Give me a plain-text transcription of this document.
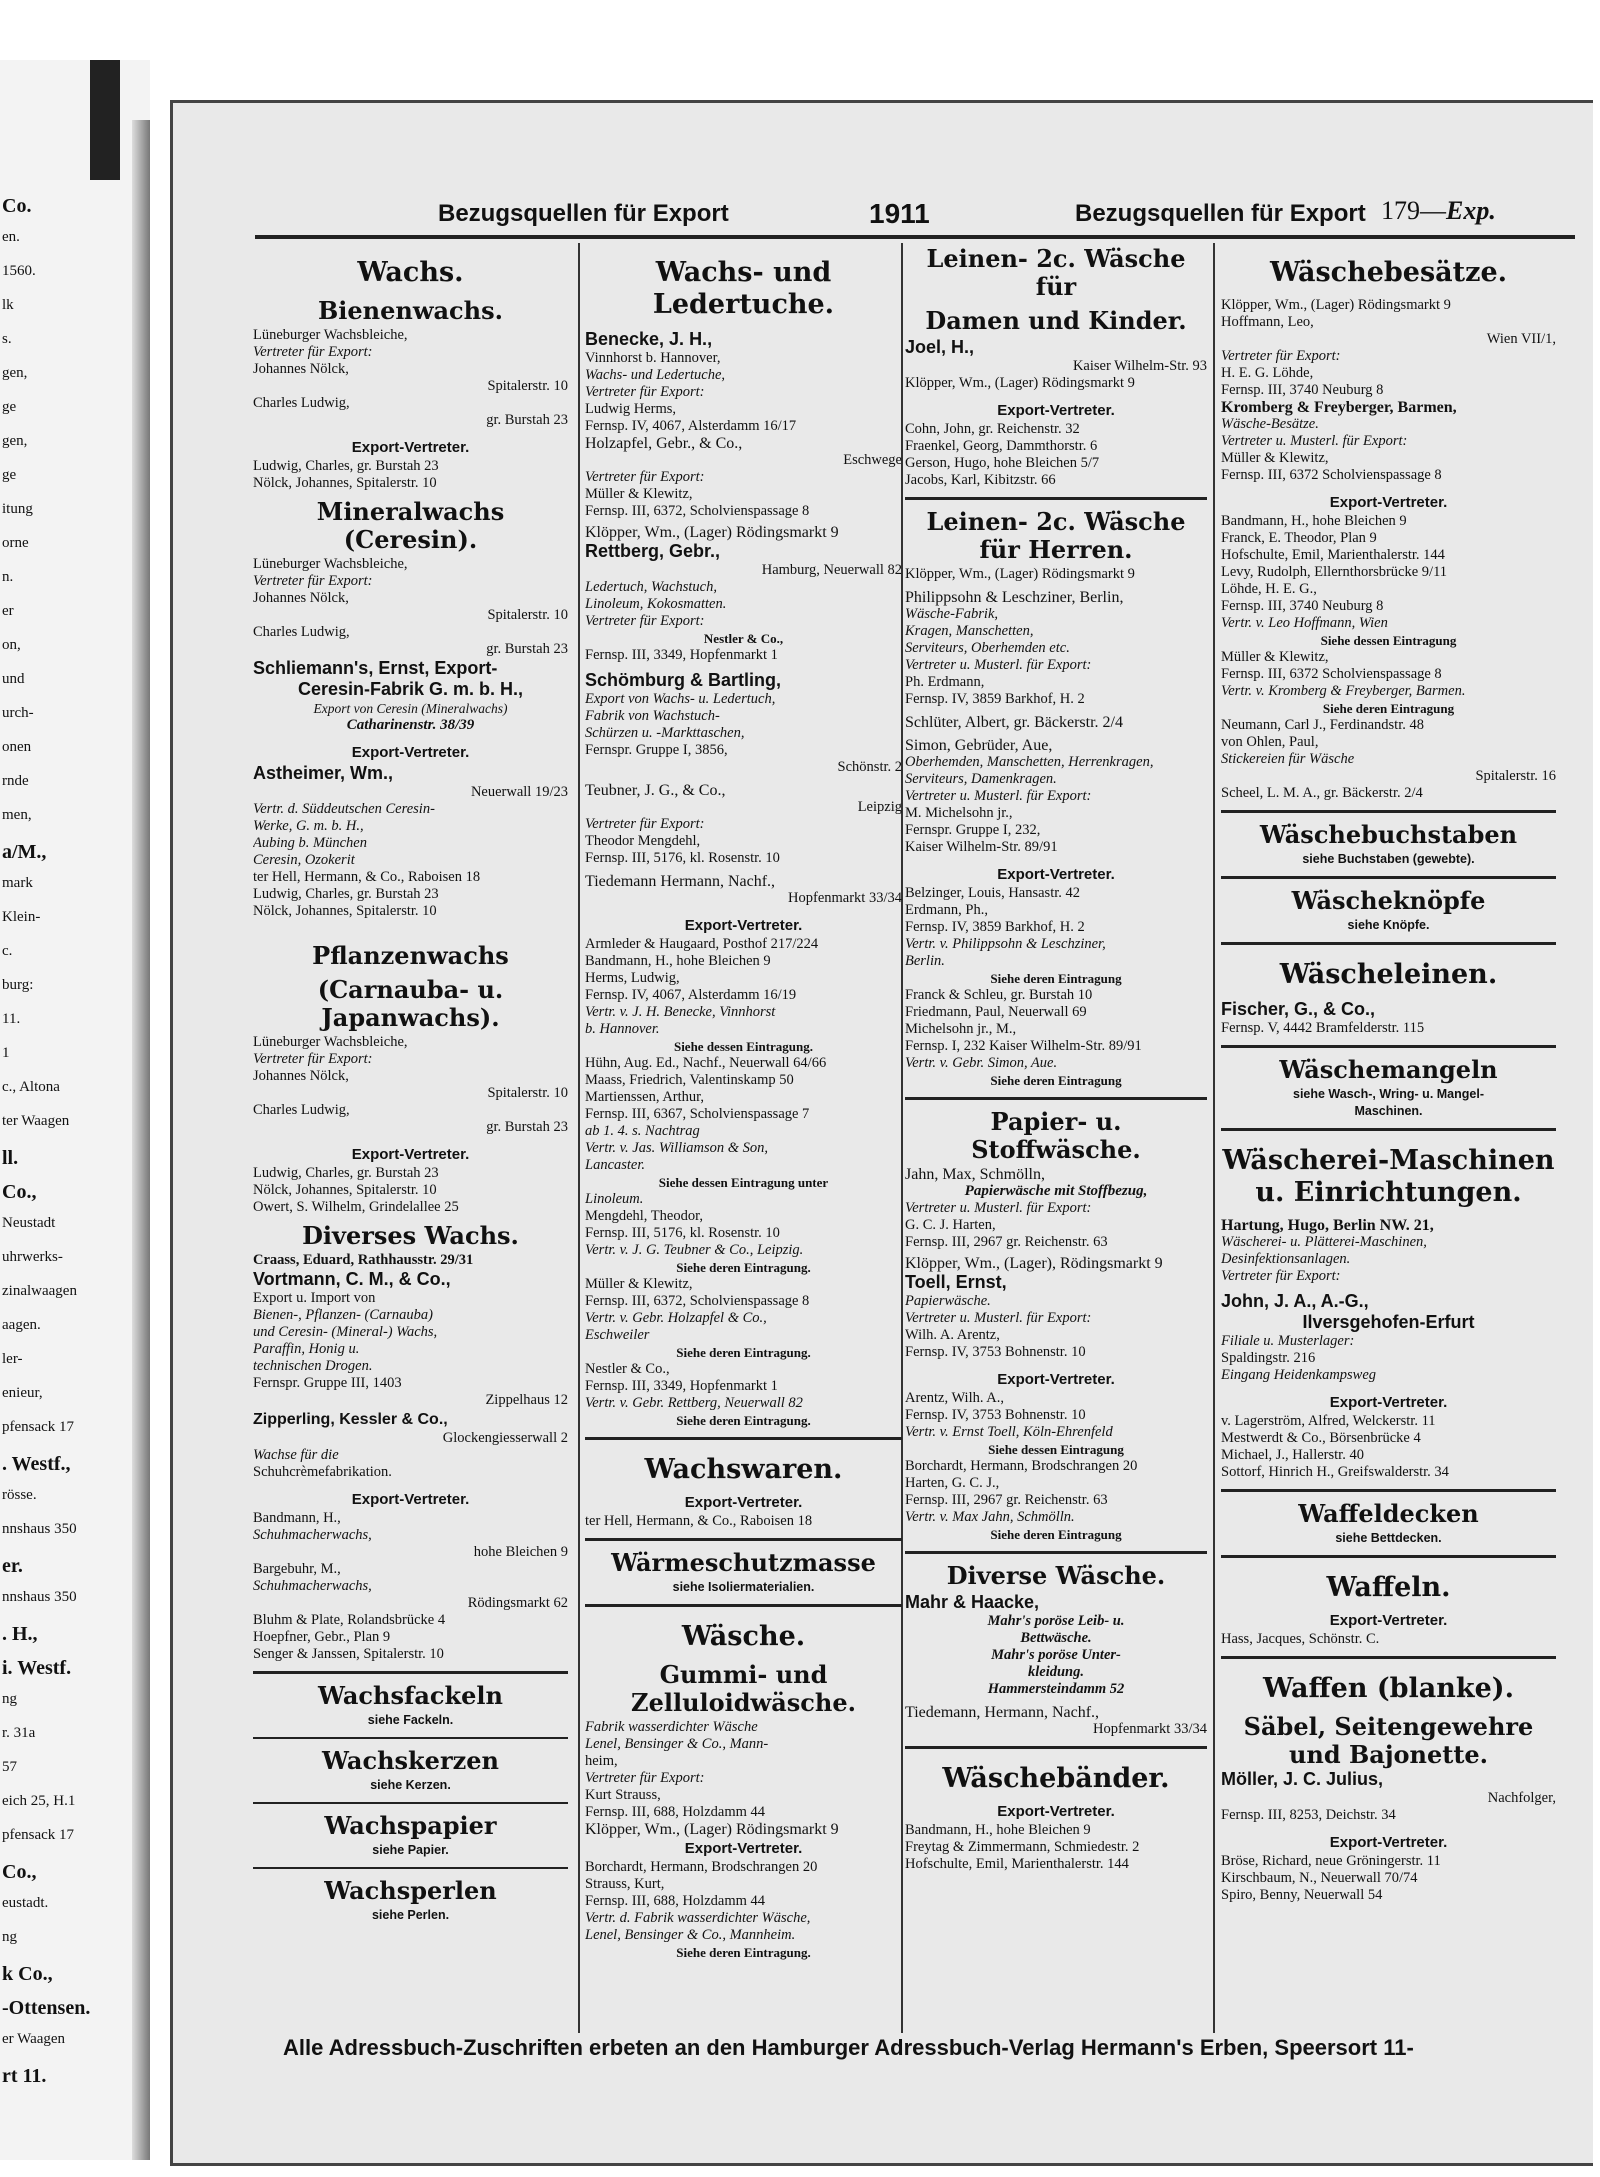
Co.
en.
1560.
lk
s.
gen,
ge
gen,
ge
itung
orne
n.
er
on,
und
urch-
onen
rnde
men,
a/M.,
mark
Klein-
c.
burg:
11.
1
c., Altona
ter Waagen
ll.
Co.,
Neustadt
uhrwerks-
zinalwaagen
aagen.
ler-
enieur,
pfensack 17
. Westf.,
rösse.
nnshaus 350
er.
nnshaus 350
. H.,
i. Westf.
ng
r. 31a
57
eich 25, H.1
pfensack 17
Co.,
eustadt.
ng
k Co.,
-Ottensen.
er Waagen
rt 11.
Bezugsquellen für Export	1911	Bezugsquellen für Export 179—Exp.
Wachs.
Bienenwachs.
Lüneburger Wachsbleiche,
Vertreter für Export:
Johannes Nölck,
Spitalerstr. 10
Charles Ludwig,
gr. Burstah 23
Export-Vertreter.
Ludwig, Charles, gr. Burstah 23
Nölck, Johannes, Spitalerstr. 10
Mineralwachs (Ceresin).
Lüneburger Wachsbleiche,
Vertreter für Export:
Johannes Nölck,
Spitalerstr. 10
Charles Ludwig,
gr. Burstah 23
Schliemann's, Ernst, Export-
Ceresin-Fabrik G. m. b. H.,
Export von Ceresin (Mineralwachs)
Catharinenstr. 38/39
Export-Vertreter.
Astheimer, Wm.,
Neuerwall 19/23
Vertr. d. Süddeutschen Ceresin-
Werke, G. m. b. H.,
Aubing b. München
Ceresin, Ozokerit
ter Hell, Hermann, & Co., Raboisen 18
Ludwig, Charles, gr. Burstah 23
Nölck, Johannes, Spitalerstr. 10
Pflanzenwachs
(Carnauba- u. Japanwachs).
Lüneburger Wachsbleiche,
Vertreter für Export:
Johannes Nölck,
Spitalerstr. 10
Charles Ludwig,
gr. Burstah 23
Export-Vertreter.
Ludwig, Charles, gr. Burstah 23
Nölck, Johannes, Spitalerstr. 10
Owert, S. Wilhelm, Grindelallee 25
Diverses Wachs.
Craass, Eduard, Rathhausstr. 29/31
Vortmann, C. M., & Co.,
Export u. Import von
Bienen-, Pflanzen- (Carnauba)
und Ceresin- (Mineral-) Wachs,
Paraffin, Honig u.
technischen Drogen.
Fernspr. Gruppe III, 1403
Zippelhaus 12
Zipperling, Kessler & Co.,
Glockengiesserwall 2
Wachse für die
Schuhcrèmefabrikation.
Export-Vertreter.
Bandmann, H.,
Schuhmacherwachs,
hohe Bleichen 9
Bargebuhr, M.,
Schuhmacherwachs,
Rödingsmarkt 62
Bluhm & Plate, Rolandsbrücke 4
Hoepfner, Gebr., Plan 9
Senger & Janssen, Spitalerstr. 10
Wachsfackeln
siehe Fackeln.
Wachskerzen
siehe Kerzen.
Wachspapier
siehe Papier.
Wachsperlen
siehe Perlen.
Wachs- und Ledertuche.
Benecke, J. H.,
Vinnhorst b. Hannover,
Wachs- und Ledertuche,
Vertreter für Export:
Ludwig Herms,
Fernsp. IV, 4067, Alsterdamm 16/17
Holzapfel, Gebr., & Co.,
Eschwege
Vertreter für Export:
Müller & Klewitz,
Fernsp. III, 6372, Scholvienspassage 8
Klöpper, Wm., (Lager) Rödingsmarkt 9
Rettberg, Gebr.,
Hamburg, Neuerwall 82
Ledertuch, Wachstuch,
Linoleum, Kokosmatten.
Vertreter für Export:
Nestler & Co.,
Fernsp. III, 3349, Hopfenmarkt 1
Schömburg & Bartling,
Export von Wachs- u. Ledertuch,
Fabrik von Wachstuch-
Schürzen u. -Markttaschen,
Fernspr. Gruppe I, 3856,
Schönstr. 2
Teubner, J. G., & Co.,
Leipzig
Vertreter für Export:
Theodor Mengdehl,
Fernsp. III, 5176, kl. Rosenstr. 10
Tiedemann Hermann, Nachf.,
Hopfenmarkt 33/34
Export-Vertreter.
Armleder & Haugaard, Posthof 217/224
Bandmann, H., hohe Bleichen 9
Herms, Ludwig,
Fernsp. IV, 4067, Alsterdamm 16/19
Vertr. v. J. H. Benecke, Vinnhorst
b. Hannover.
Siehe dessen Eintragung.
Hühn, Aug. Ed., Nachf., Neuerwall 64/66
Maass, Friedrich, Valentinskamp 50
Martienssen, Arthur,
Fernsp. III, 6367, Scholvienspassage 7
ab 1. 4. s. Nachtrag
Vertr. v. Jas. Williamson & Son,
Lancaster.
Siehe dessen Eintragung unter
Linoleum.
Mengdehl, Theodor,
Fernsp. III, 5176, kl. Rosenstr. 10
Vertr. v. J. G. Teubner & Co., Leipzig.
Siehe deren Eintragung.
Müller & Klewitz,
Fernsp. III, 6372, Scholvienspassage 8
Vertr. v. Gebr. Holzapfel & Co.,
Eschweiler
Siehe deren Eintragung.
Nestler & Co.,
Fernsp. III, 3349, Hopfenmarkt 1
Vertr. v. Gebr. Rettberg, Neuerwall 82
Siehe deren Eintragung.
Wachswaren.
Export-Vertreter.
ter Hell, Hermann, & Co., Raboisen 18
Wärmeschutzmasse
siehe Isoliermaterialien.
Wäsche.
Gummi- und Zelluloidwäsche.
Fabrik wasserdichter Wäsche
Lenel, Bensinger & Co., Mann-
heim,
Vertreter für Export:
Kurt Strauss,
Fernsp. III, 688, Holzdamm 44
Klöpper, Wm., (Lager) Rödingsmarkt 9
Export-Vertreter.
Borchardt, Hermann, Brodschrangen 20
Strauss, Kurt,
Fernsp. III, 688, Holzdamm 44
Vertr. d. Fabrik wasserdichter Wäsche,
Lenel, Bensinger & Co., Mannheim.
Siehe deren Eintragung.
Leinen- 2c. Wäsche für
Damen und Kinder.
Joel, H.,
Kaiser Wilhelm-Str. 93
Klöpper, Wm., (Lager) Rödingsmarkt 9
Export-Vertreter.
Cohn, John, gr. Reichenstr. 32
Fraenkel, Georg, Dammthorstr. 6
Gerson, Hugo, hohe Bleichen 5/7
Jacobs, Karl, Kibitzstr. 66
Leinen- 2c. Wäsche für Herren.
Klöpper, Wm., (Lager) Rödingsmarkt 9
Philippsohn & Leschziner, Berlin,
Wäsche-Fabrik,
Kragen, Manschetten,
Serviteurs, Oberhemden etc.
Vertreter u. Musterl. für Export:
Ph. Erdmann,
Fernsp. IV, 3859 Barkhof, H. 2
Schlüter, Albert, gr. Bäckerstr. 2/4
Simon, Gebrüder, Aue,
Oberhemden, Manschetten, Herrenkragen,
Serviteurs, Damenkragen.
Vertreter u. Musterl. für Export:
M. Michelsohn jr.,
Fernspr. Gruppe I, 232,
Kaiser Wilhelm-Str. 89/91
Export-Vertreter.
Belzinger, Louis, Hansastr. 42
Erdmann, Ph.,
Fernsp. IV, 3859 Barkhof, H. 2
Vertr. v. Philippsohn & Leschziner,
Berlin.
Siehe deren Eintragung
Franck & Schleu, gr. Burstah 10
Friedmann, Paul, Neuerwall 69
Michelsohn jr., M.,
Fernsp. I, 232 Kaiser Wilhelm-Str. 89/91
Vertr. v. Gebr. Simon, Aue.
Siehe deren Eintragung
Papier- u. Stoffwäsche.
Jahn, Max, Schmölln,
Papierwäsche mit Stoffbezug,
Vertreter u. Musterl. für Export:
G. C. J. Harten,
Fernsp. III, 2967 gr. Reichenstr. 63
Klöpper, Wm., (Lager), Rödingsmarkt 9
Toell, Ernst,
Papierwäsche.
Vertreter u. Musterl. für Export:
Wilh. A. Arentz,
Fernsp. IV, 3753 Bohnenstr. 10
Export-Vertreter.
Arentz, Wilh. A.,
Fernsp. IV, 3753 Bohnenstr. 10
Vertr. v. Ernst Toell, Köln-Ehrenfeld
Siehe dessen Eintragung
Borchardt, Hermann, Brodschrangen 20
Harten, G. C. J.,
Fernsp. III, 2967 gr. Reichenstr. 63
Vertr. v. Max Jahn, Schmölln.
Siehe deren Eintragung
Diverse Wäsche.
Mahr & Haacke,
Mahr's poröse Leib- u.
Bettwäsche.
Mahr's poröse Unter-
kleidung.
Hammersteindamm 52
Tiedemann, Hermann, Nachf.,
Hopfenmarkt 33/34
Wäschebänder.
Export-Vertreter.
Bandmann, H., hohe Bleichen 9
Freytag & Zimmermann, Schmiedestr. 2
Hofschulte, Emil, Marienthalerstr. 144
Wäschebesätze.
Klöpper, Wm., (Lager) Rödingsmarkt 9
Hoffmann, Leo,
Wien VII/1,
Vertreter für Export:
H. E. G. Löhde,
Fernsp. III, 3740 Neuburg 8
Kromberg & Freyberger, Barmen,
Wäsche-Besätze.
Vertreter u. Musterl. für Export:
Müller & Klewitz,
Fernsp. III, 6372 Scholvienspassage 8
Export-Vertreter.
Bandmann, H., hohe Bleichen 9
Franck, E. Theodor, Plan 9
Hofschulte, Emil, Marienthalerstr. 144
Levy, Rudolph, Ellernthorsbrücke 9/11
Löhde, H. E. G.,
Fernsp. III, 3740 Neuburg 8
Vertr. v. Leo Hoffmann, Wien
Siehe dessen Eintragung
Müller & Klewitz,
Fernsp. III, 6372 Scholvienspassage 8
Vertr. v. Kromberg & Freyberger, Barmen.
Siehe deren Eintragung
Neumann, Carl J., Ferdinandstr. 48
von Ohlen, Paul,
Stickereien für Wäsche
Spitalerstr. 16
Scheel, L. M. A., gr. Bäckerstr. 2/4
Wäschebuchstaben
siehe Buchstaben (gewebte).
Wäscheknöpfe
siehe Knöpfe.
Wäscheleinen.
Fischer, G., & Co.,
Fernsp. V, 4442 Bramfelderstr. 115
Wäschemangeln
siehe Wasch-, Wring- u. Mangel-
Maschinen.
Wäscherei-Maschinen
u. Einrichtungen.
Hartung, Hugo, Berlin NW. 21,
Wäscherei- u. Plätterei-Maschinen,
Desinfektionsanlagen.
Vertreter für Export:
John, J. A., A.-G.,
Ilversgehofen-Erfurt
Filiale u. Musterlager:
Spaldingstr. 216
Eingang Heidenkampsweg
Export-Vertreter.
v. Lagerström, Alfred, Welckerstr. 11
Mestwerdt & Co., Börsenbrücke 4
Michael, J., Hallerstr. 40
Sottorf, Hinrich H., Greifswalderstr. 34
Waffeldecken
siehe Bettdecken.
Waffeln.
Export-Vertreter.
Hass, Jacques, Schönstr. C.
Waffen (blanke).
Säbel, Seitengewehre
und Bajonette.
Möller, J. C. Julius,
Nachfolger,
Fernsp. III, 8253, Deichstr. 34
Export-Vertreter.
Bröse, Richard, neue Gröningerstr. 11
Kirschbaum, N., Neuerwall 70/74
Spiro, Benny, Neuerwall 54
Alle Adressbuch-Zuschriften erbeten an den Hamburger Adressbuch-Verlag Hermann's Erben, Speersort 11-
